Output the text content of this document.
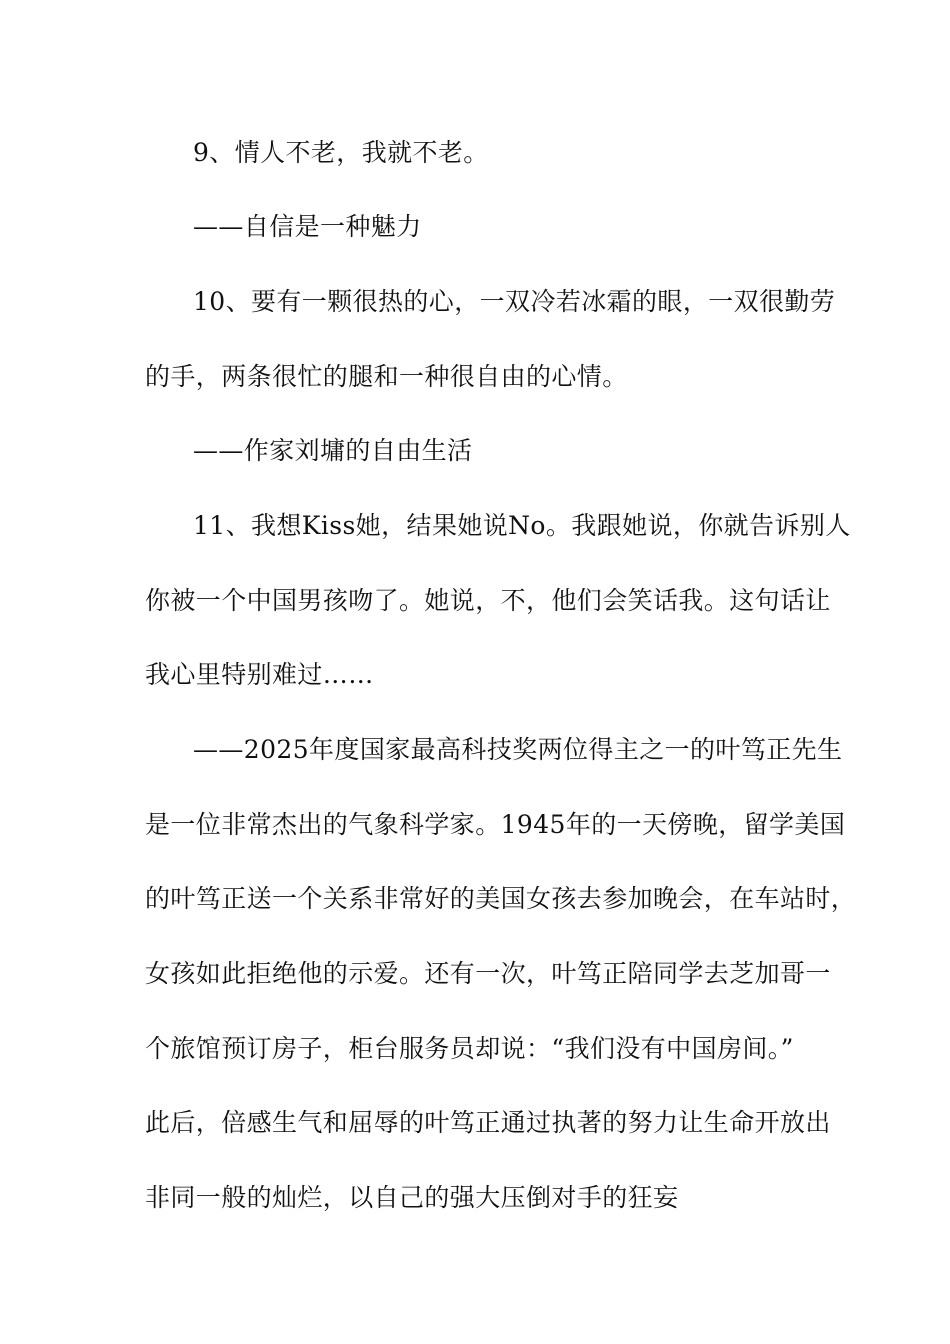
9、情人不老，我就不老。
——自信是一种魅力
10、要有一颗很热的心，一双冷若冰霜的眼，一双很勤劳
的手，两条很忙的腿和一种很自由的心情。
——作家刘墉的自由生活
11、我想Kiss她，结果她说No。我跟她说，你就告诉别人
你被一个中国男孩吻了。她说，不，他们会笑话我。这句话让
我心里特别难过……
——2025年度国家最高科技奖两位得主之一的叶笃正先生
是一位非常杰出的气象科学家。1945年的一天傍晚，留学美国
的叶笃正送一个关系非常好的美国女孩去参加晚会，在车站时，
女孩如此拒绝他的示爱。还有一次，叶笃正陪同学去芝加哥一
个旅馆预订房子，柜台服务员却说：“我们没有中国房间。”
此后，倍感生气和屈辱的叶笃正通过执著的努力让生命开放出
非同一般的灿烂，以自己的强大压倒对手的狂妄
